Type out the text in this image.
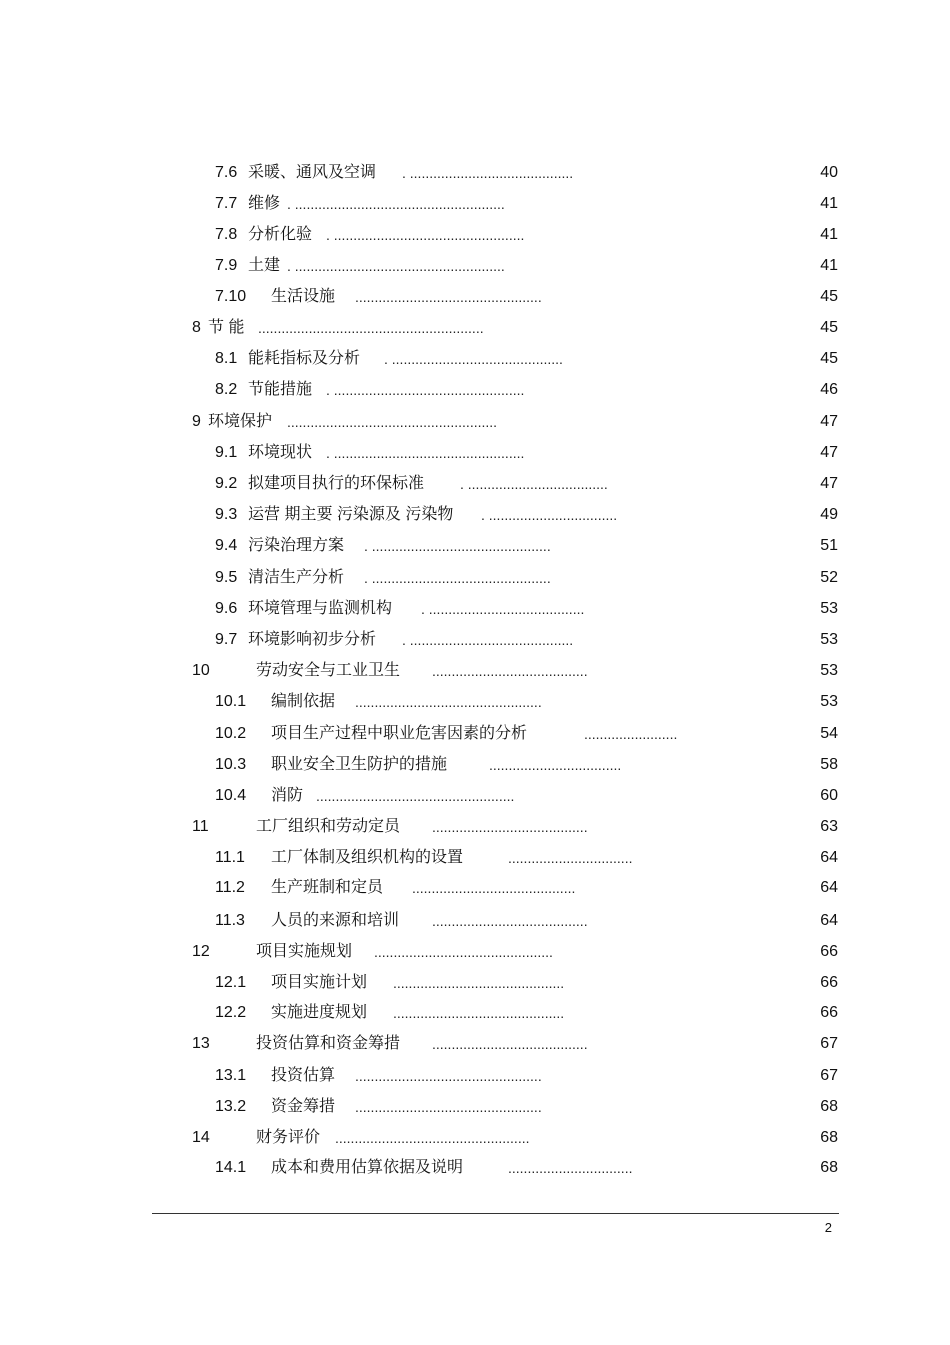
7.6 采暖、通风及空调 . ..........................................	40
7.7 维修 . ......................................................	41
7.8 分析化验 . .................................................	41
7.9 土建 . ......................................................	41
7.10 生活设施 ................................................	45
8 节 能 ..........................................................	45
8.1 能耗指标及分析 . ............................................	45
8.2 节能措施 . .................................................	46
9 环境保护 ......................................................	47
9.1 环境现状 . .................................................	47
9.2 拟建项目执行的环保标准	. ....................................	47
9.3 运营 期主要 污染源及 污染物 . .................................	49
9.4 污染治理方案 . ..............................................	51
9.5 清洁生产分析 . ..............................................	52
9.6 环境管理与监测机构 . ........................................	53
9.7 环境影响初步分析 . ..........................................	53
10	劳动安全与工业卫生 ........................................	53
10.1 编制依据 ................................................	53
10.2 项目生产过程中职业危害因素的分析	........................	54
10.3 职业安全卫生防护的措施	..................................	58
10.4 消防 ...................................................	60
11	工厂组织和劳动定员 ........................................	63
11.1 工厂体制及组织机构的设置	................................	64
11.2 生产班制和定员 ..........................................	64
11.3 人员的来源和培训 ........................................	64
12	项目实施规划 ..............................................	66
12.1 项目实施计划 ............................................	66
12.2 实施进度规划 ............................................	66
13	投资估算和资金筹措 ........................................	67
13.1 投资估算 ................................................	67
13.2 资金筹措 ................................................	68
14	财务评价 ..................................................	68
14.1 成本和费用估算依据及说明	................................	68
2
